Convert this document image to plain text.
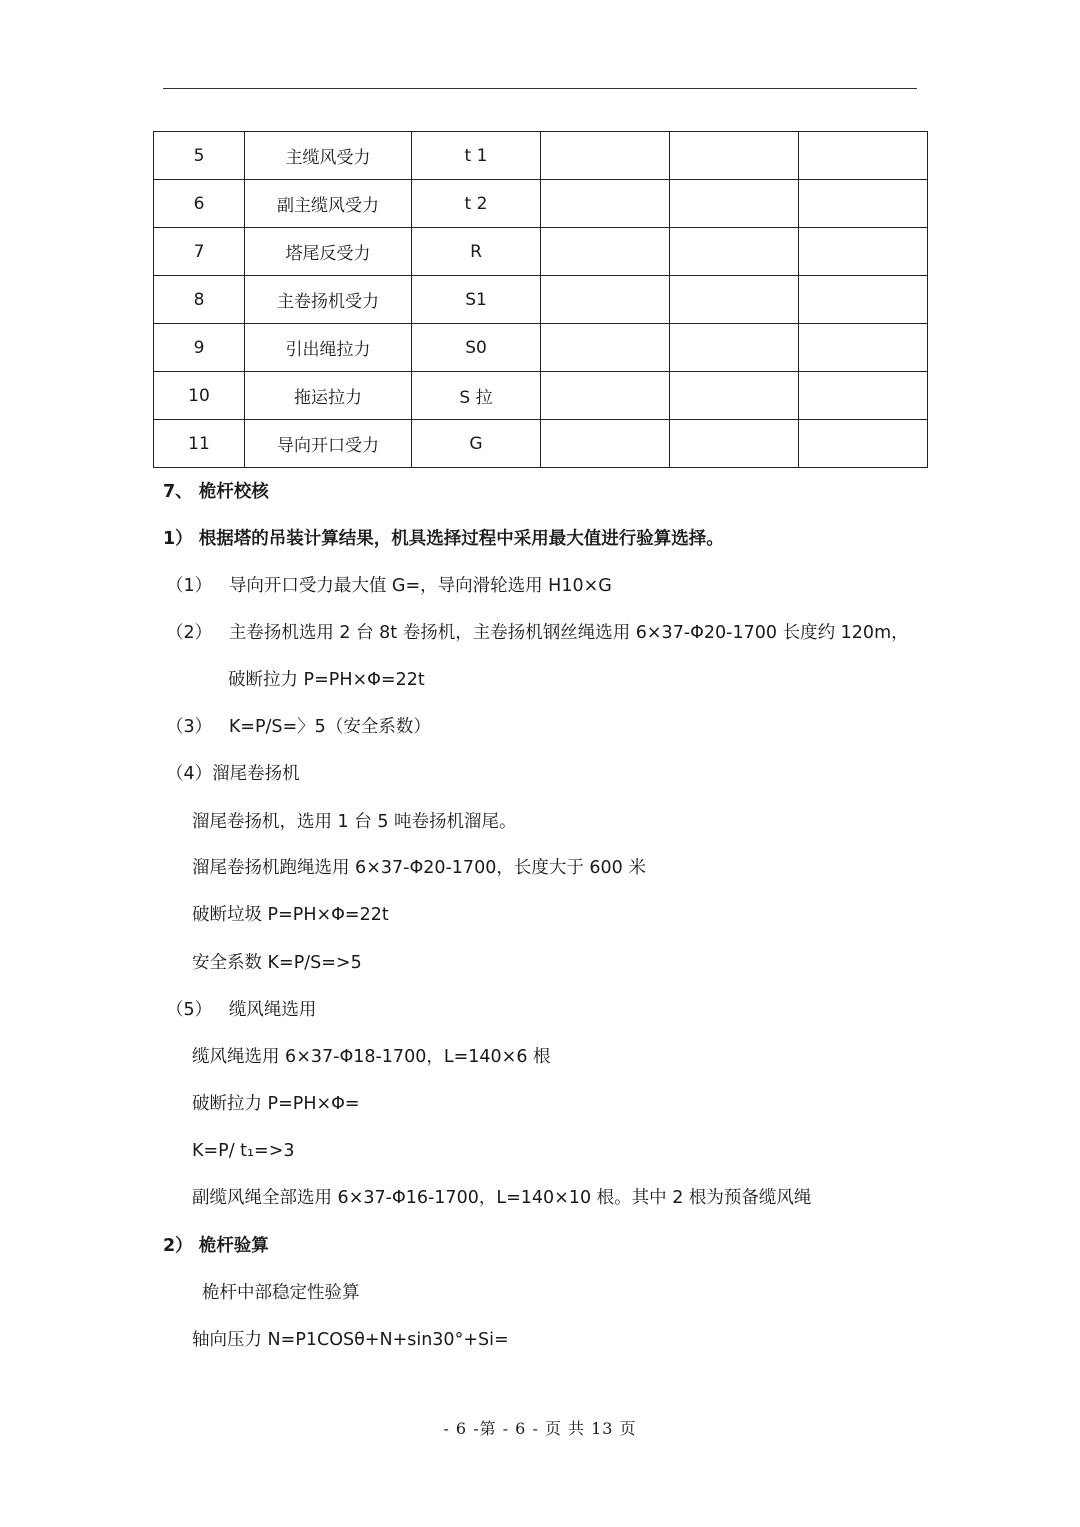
5	主缆风受力	t 1			
6	副主缆风受力	t 2			
7	塔尾反受力	R			
8	主卷扬机受力	S1			
9	引出绳拉力	S0			
10	拖运拉力	S 拉			
11	导向开口受力	G			
7、 桅杆校核
1） 根据塔的吊装计算结果，机具选择过程中采用最大值进行验算选择。
（1）   导向开口受力最大值 G=，导向滑轮选用 H10×G
（2）   主卷扬机选用 2 台 8t 卷扬机，主卷扬机钢丝绳选用 6×37-Φ20-1700 长度约 120m，
破断拉力 P=PH×Φ=22t
（3）   K=P/S=〉5（安全系数）
（4）溜尾卷扬机
溜尾卷扬机，选用 1 台 5 吨卷扬机溜尾。
溜尾卷扬机跑绳选用 6×37-Φ20-1700，长度大于 600 米
破断垃圾 P=PH×Φ=22t
安全系数 K=P/S=>5
（5）   缆风绳选用
缆风绳选用 6×37-Φ18-1700，L=140×6 根
破断拉力 P=PH×Φ=
K=P/ t₁=>3
副缆风绳全部选用 6×37-Φ16-1700，L=140×10 根。其中 2 根为预备缆风绳
2） 桅杆验算
桅杆中部稳定性验算
轴向压力 N=P1COSθ+N+sin30°+Si=
- 6 -第 - 6 - 页 共 13 页
